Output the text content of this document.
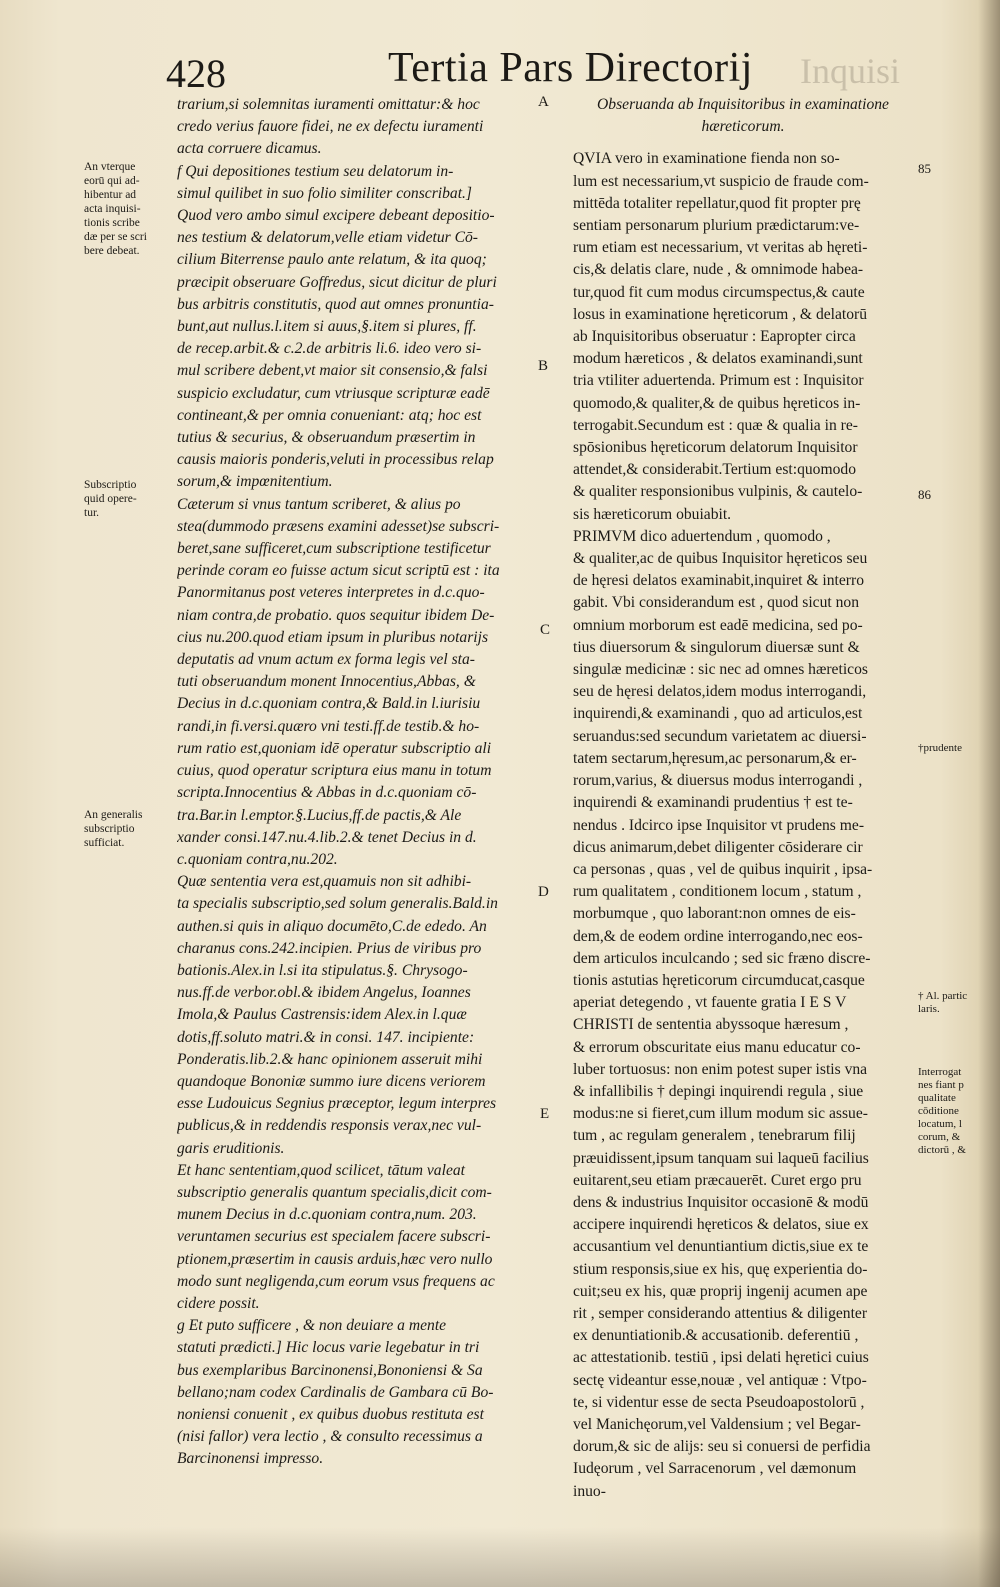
428	Tertia Pars Directorij Inquisi
An vterque
eorū qui ad-
hibentur ad
acta inquisi-
tionis scribe
dæ per se scri
bere debeat.
Subscriptio
quid opere-
tur.
An generalis
subscriptio
sufficiat.
A
B
C
D
E
85
86
†prudente
† Al. partic
laris.
Interrogat
nes fiant p
qualitate
cōditione
locatum, l
corum, &
dictorū , &
trarium,si solemnitas iuramenti omittatur:& hoc
credo verius fauore fidei, ne ex defectu iuramenti
acta corruere dicamus.
f Qui depositiones testium seu delatorum in-
simul quilibet in suo folio similiter conscribat.]
Quod vero ambo simul excipere debeant depositio-
nes testium & delatorum,velle etiam videtur Cō-
cilium Biterrense paulo ante relatum, & ita quoq;
præcipit obseruare Goffredus, sicut dicitur de pluri
bus arbitris constitutis, quod aut omnes pronuntia-
bunt,aut nullus.l.item si auus,§.item si plures, ff.
de recep.arbit.& c.2.de arbitris li.6. ideo vero si-
mul scribere debent,vt maior sit consensio,& falsi
suspicio excludatur, cum vtriusque scripturæ eadē
contineant,& per omnia conueniant: atq; hoc est
tutius & securius, & obseruandum præsertim in
causis maioris ponderis,veluti in processibus relap
sorum,& impœnitentium.
Cæterum si vnus tantum scriberet, & alius po
stea(dummodo præsens examini adesset)se subscri-
beret,sane sufficeret,cum subscriptione testificetur
perinde coram eo fuisse actum sicut scriptū est : ita
Panormitanus post veteres interpretes in d.c.quo-
niam contra,de probatio. quos sequitur ibidem De-
cius nu.200.quod etiam ipsum in pluribus notarijs
deputatis ad vnum actum ex forma legis vel sta-
tuti obseruandum monent Innocentius,Abbas, &
Decius in d.c.quoniam contra,& Bald.in l.iurisiu
randi,in fi.versi.quæro vni testi.ff.de testib.& ho-
rum ratio est,quoniam idē operatur subscriptio ali
cuius, quod operatur scriptura eius manu in totum
scripta.Innocentius & Abbas in d.c.quoniam cō-
tra.Bar.in l.emptor.§.Lucius,ff.de pactis,& Ale
xander consi.147.nu.4.lib.2.& tenet Decius in d.
c.quoniam contra,nu.202.
Quæ sententia vera est,quamuis non sit adhibi-
ta specialis subscriptio,sed solum generalis.Bald.in
authen.si quis in aliquo documēto,C.de ededo. An
charanus cons.242.incipien. Prius de viribus pro
bationis.Alex.in l.si ita stipulatus.§. Chrysogo-
nus.ff.de verbor.obl.& ibidem Angelus, Ioannes
Imola,& Paulus Castrensis:idem Alex.in l.quæ
dotis,ff.soluto matri.& in consi. 147. incipiente:
Ponderatis.lib.2.& hanc opinionem asseruit mihi
quandoque Bononiæ summo iure dicens veriorem
esse Ludouicus Segnius præceptor, legum interpres
publicus,& in reddendis responsis verax,nec vul-
garis eruditionis.
Et hanc sententiam,quod scilicet, tātum valeat
subscriptio generalis quantum specialis,dicit com-
munem Decius in d.c.quoniam contra,num. 203.
veruntamen securius est specialem facere subscri-
ptionem,præsertim in causis arduis,hæc vero nullo
modo sunt negligenda,cum eorum vsus frequens ac
cidere possit.
g Et puto sufficere , & non deuiare a mente
statuti prædicti.] Hic locus varie legebatur in tri
bus exemplaribus Barcinonensi,Bononiensi & Sa
bellano;nam codex Cardinalis de Gambara cū Bo-
noniensi conuenit , ex quibus duobus restituta est
(nisi fallor) vera lectio , & consulto recessimus a
Barcinonensi impresso.
Obseruanda ab Inquisitoribus in examinatione
hæreticorum.
QVIA vero in examinatione fienda non so-
lum est necessarium,vt suspicio de fraude com-
mittēda totaliter repellatur,quod fit propter prę
sentiam personarum plurium prædictarum:ve-
rum etiam est necessarium, vt veritas ab hęreti-
cis,& delatis clare, nude , & omnimode habea-
tur,quod fit cum modus circumspectus,& caute
losus in examinatione hęreticorum , & delatorū
ab Inquisitoribus obseruatur : Eapropter circa
modum hæreticos , & delatos examinandi,sunt
tria vtiliter aduertenda. Primum est : Inquisitor
quomodo,& qualiter,& de quibus hęreticos in-
terrogabit.Secundum est : quæ & qualia in re-
spōsionibus hęreticorum delatorum Inquisitor
attendet,& considerabit.Tertium est:quomodo
& qualiter responsionibus vulpinis, & cautelo-
sis hæreticorum obuiabit.
PRIMVM dico aduertendum , quomodo ,
& qualiter,ac de quibus Inquisitor hęreticos seu
de hęresi delatos examinabit,inquiret & interro
gabit. Vbi considerandum est , quod sicut non
omnium morborum est eadē medicina, sed po-
tius diuersorum & singulorum diuersæ sunt &
singulæ medicinæ : sic nec ad omnes hæreticos
seu de hęresi delatos,idem modus interrogandi,
inquirendi,& examinandi , quo ad articulos,est
seruandus:sed secundum varietatem ac diuersi-
tatem sectarum,hęresum,ac personarum,& er-
rorum,varius, & diuersus modus interrogandi ,
inquirendi & examinandi prudentius † est te-
nendus . Idcirco ipse Inquisitor vt prudens me-
dicus animarum,debet diligenter cōsiderare cir
ca personas , quas , vel de quibus inquirit , ipsa-
rum qualitatem , conditionem locum , statum ,
morbumque , quo laborant:non omnes de eis-
dem,& de eodem ordine interrogando,nec eos-
dem articulos inculcando ; sed sic fræno discre-
tionis astutias hęreticorum circumducat,casque
aperiat detegendo , vt fauente gratia I E S V
CHRISTI de sententia abyssoque hæresum ,
& errorum obscuritate eius manu educatur co-
luber tortuosus: non enim potest super istis vna
& infallibilis † depingi inquirendi regula , siue
modus:ne si fieret,cum illum modum sic assue-
tum , ac regulam generalem , tenebrarum filij
præuidissent,ipsum tanquam sui laqueū facilius
euitarent,seu etiam præcauerēt. Curet ergo pru
dens & industrius Inquisitor occasionē & modū
accipere inquirendi hęreticos & delatos, siue ex
accusantium vel denuntiantium dictis,siue ex te
stium responsis,siue ex his, quę experientia do-
cuit;seu ex his, quæ proprij ingenij acumen ape
rit , semper considerando attentius & diligenter
ex denuntiationib.& accusationib. deferentiū ,
ac attestationib. testiū , ipsi delati hęretici cuius
sectę videantur esse,nouæ , vel antiquæ : Vtpo-
te, si videntur esse de secta Pseudoapostolorū ,
vel Manichęorum,vel Valdensium ; vel Begar-
dorum,& sic de alijs: seu si conuersi de perfidia
Iudęorum , vel Sarracenorum , vel dæmonum
inuo-
